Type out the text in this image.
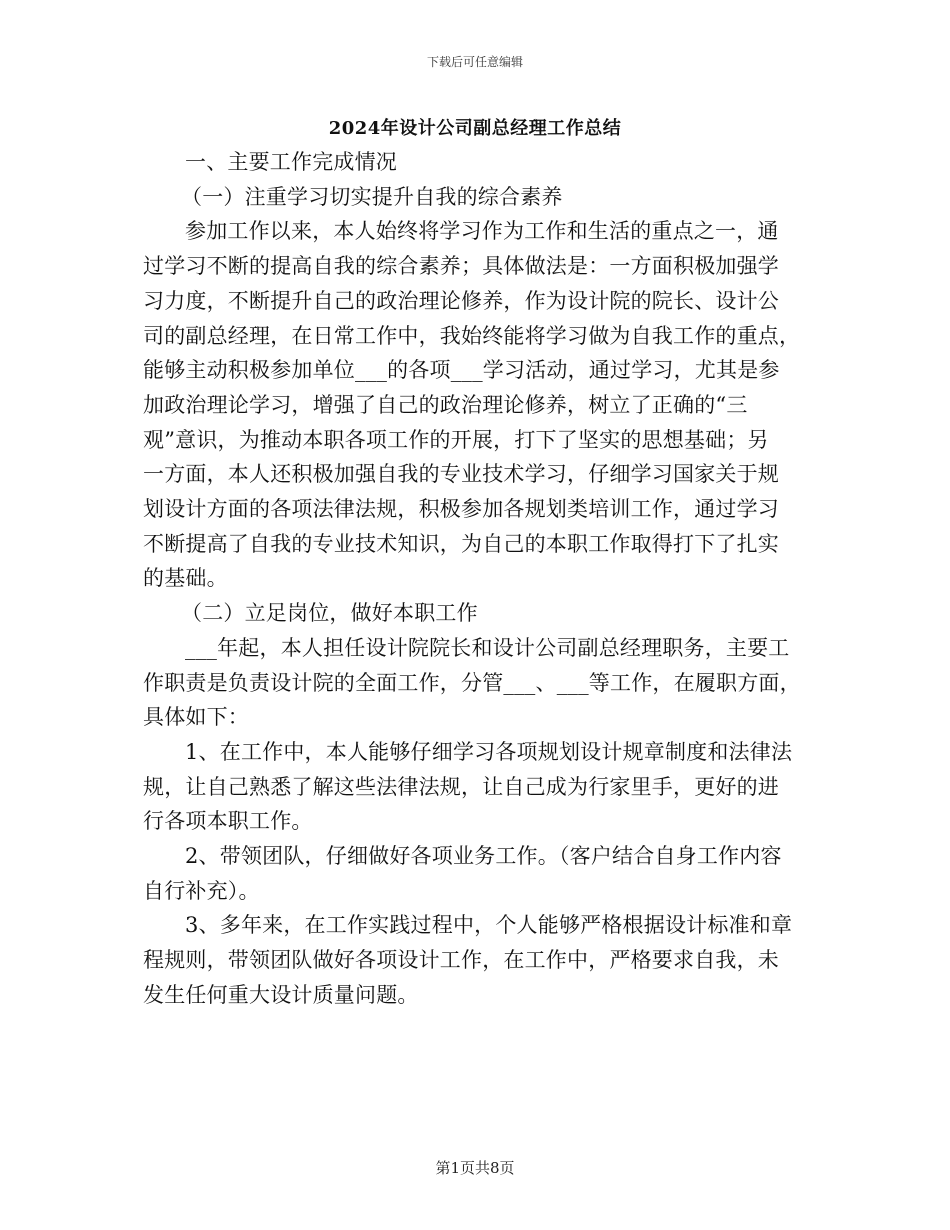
下载后可任意编辑
2024年设计公司副总经理工作总结
一、主要工作完成情况
（一）注重学习切实提升自我的综合素养
参加工作以来，本人始终将学习作为工作和生活的重点之一，通
过学习不断的提高自我的综合素养；具体做法是：一方面积极加强学
习力度，不断提升自己的政治理论修养，作为设计院的院长、设计公
司的副总经理，在日常工作中，我始终能将学习做为自我工作的重点，
能够主动积极参加单位___的各项___学习活动，通过学习，尤其是参
加政治理论学习，增强了自己的政治理论修养，树立了正确的“三
观”意识，为推动本职各项工作的开展，打下了坚实的思想基础；另
一方面，本人还积极加强自我的专业技术学习，仔细学习国家关于规
划设计方面的各项法律法规，积极参加各规划类培训工作，通过学习
不断提高了自我的专业技术知识，为自己的本职工作取得打下了扎实
的基础。
（二）立足岗位，做好本职工作
___年起，本人担任设计院院长和设计公司副总经理职务，主要工
作职责是负责设计院的全面工作，分管___、___等工作，在履职方面，
具体如下：
1、在工作中，本人能够仔细学习各项规划设计规章制度和法律法
规，让自己熟悉了解这些法律法规，让自己成为行家里手，更好的进
行各项本职工作。
2、带领团队，仔细做好各项业务工作。（客户结合自身工作内容
自行补充）。
3、多年来，在工作实践过程中，个人能够严格根据设计标准和章
程规则，带领团队做好各项设计工作，在工作中，严格要求自我，未
发生任何重大设计质量问题。
第1页共8页
